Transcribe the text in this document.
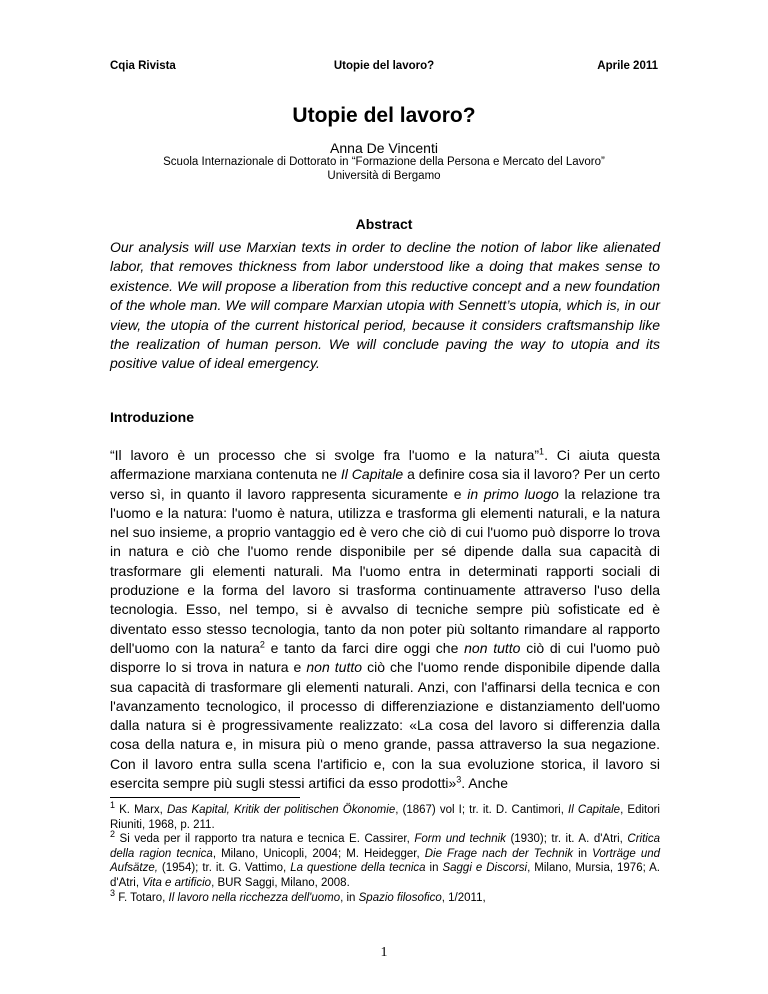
Cqia Rivista	Utopie del lavoro?	Aprile 2011
Utopie del lavoro?
Anna De Vincenti
Scuola Internazionale di Dottorato in “Formazione della Persona e Mercato del Lavoro”
Università di Bergamo
Abstract
Our analysis will use Marxian texts in order to decline the notion of labor like alienated labor, that removes thickness from labor understood like a doing that makes sense to existence. We will propose a liberation from this reductive concept and a new foundation of the whole man. We will compare Marxian utopia with Sennett’s utopia, which is, in our view, the utopia of the current historical period, because it considers craftsmanship like the realization of human person. We will conclude paving the way to utopia and its positive value of ideal emergency.
Introduzione

“Il lavoro è un processo che si svolge fra l'uomo e la natura”$^1$. Ci aiuta questa affermazione marxiana contenuta ne Il Capitale a definire cosa sia il lavoro? Per un certo verso sì, in quanto il lavoro rappresenta sicuramente e in primo luogo la relazione tra l'uomo e la natura: l'uomo è natura, utilizza e trasforma gli elementi naturali, e la natura nel suo insieme, a proprio vantaggio ed è vero che ciò di cui l'uomo può disporre lo trova in natura e ciò che l'uomo rende disponibile per sé dipende dalla sua capacità di trasformare gli elementi naturali. Ma l'uomo entra in determinati rapporti sociali di produzione e la forma del lavoro si trasforma continuamente attraverso l'uso della tecnologia. Esso, nel tempo, si è avvalso di tecniche sempre più sofisticate ed è diventato esso stesso tecnologia, tanto da non poter più soltanto rimandare al rapporto dell'uomo con la natura$^2$ e tanto da farci dire oggi che non tutto ciò di cui l'uomo può disporre lo si trova in natura e non tutto ciò che l'uomo rende disponibile dipende dalla sua capacità di trasformare gli elementi naturali. Anzi, con l'affinarsi della tecnica e con l'avanzamento tecnologico, il processo di differenziazione e distanziamento dell'uomo dalla natura si è progressivamente realizzato: «La cosa del lavoro si differenzia dalla cosa della natura e, in misura più o meno grande, passa attraverso la sua negazione. Con il lavoro entra sulla scena l'artificio e, con la sua evoluzione storica, il lavoro si esercita sempre più sugli stessi artifici da esso prodotti»$^3$. Anche

$^1$ K. Marx, Das Kapital, Kritik der politischen Ökonomie, (1867) vol I; tr. it. D. Cantimori, Il Capitale, Editori Riuniti, 1968, p. 211.

$^2$ Si veda per il rapporto tra natura e tecnica E. Cassirer, Form und technik (1930); tr. it. A. d'Atri, Critica della ragion tecnica, Milano, Unicopli, 2004; M. Heidegger, Die Frage nach der Technik in Vorträge und Aufsätze, (1954); tr. it. G. Vattimo, La questione della tecnica in Saggi e Discorsi, Milano, Mursia, 1976; A. d'Atri, Vita e artificio, BUR Saggi, Milano, 2008.

$^3$ F. Totaro, Il lavoro nella ricchezza dell'uomo, in Spazio filosofico, 1/2011,

1
